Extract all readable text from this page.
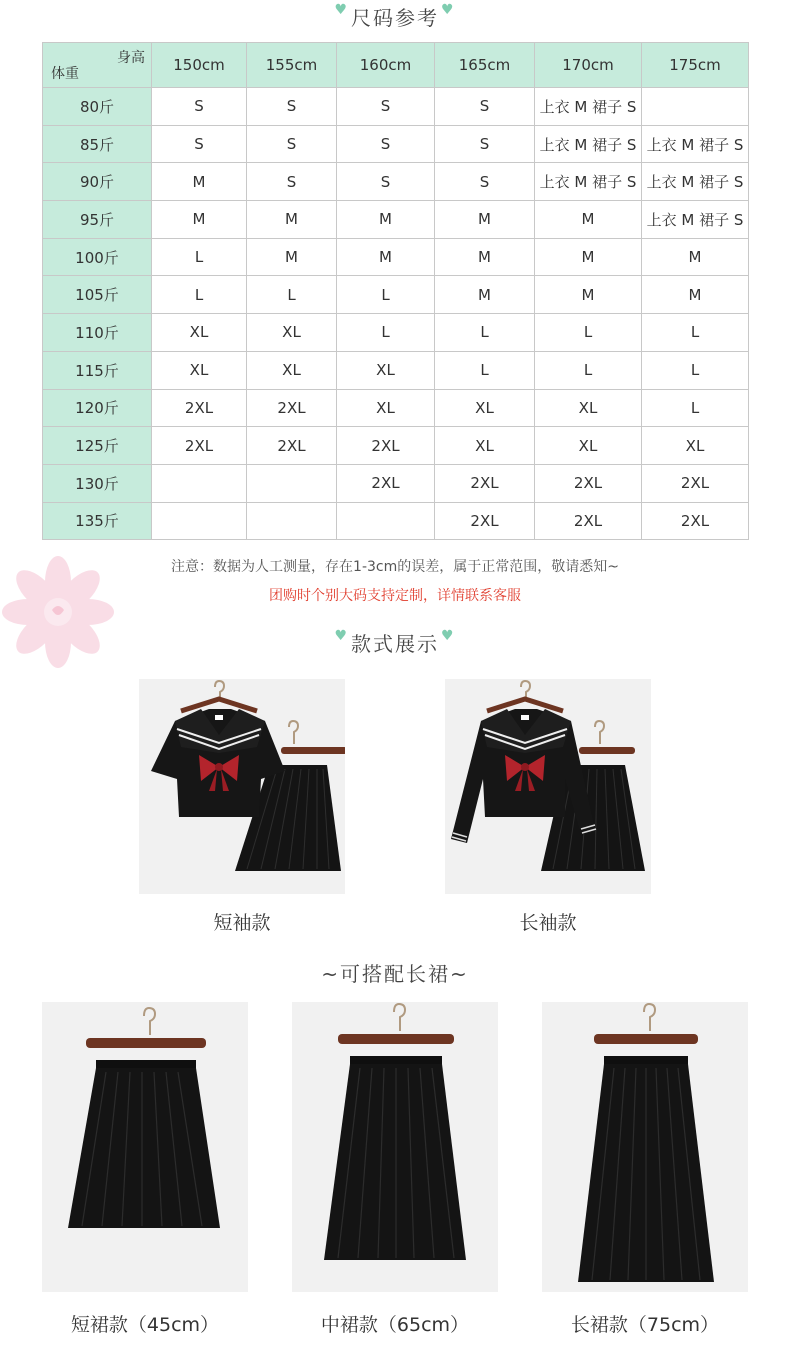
♥ 尺码参考 ♥
身高
体重	150cm	155cm	160cm	165cm	170cm	175cm
80斤	S	S	S	S	上衣 M 裙子 S	
85斤	S	S	S	S	上衣 M 裙子 S	上衣 M 裙子 S
90斤	M	S	S	S	上衣 M 裙子 S	上衣 M 裙子 S
95斤	M	M	M	M	M	上衣 M 裙子 S
100斤	L	M	M	M	M	M
105斤	L	L	L	M	M	M
110斤	XL	XL	L	L	L	L
115斤	XL	XL	XL	L	L	L
120斤	2XL	2XL	XL	XL	XL	L
125斤	2XL	2XL	2XL	XL	XL	XL
130斤			2XL	2XL	2XL	2XL
135斤				2XL	2XL	2XL
注意：数据为人工测量，存在1-3cm的误差，属于正常范围，敬请悉知~
团购时个别大码支持定制，详情联系客服
♥ 款式展示 ♥
短袖款	长袖款
~可搭配长裙~
短裙款（45cm）	中裙款（65cm）	长裙款（75cm）
